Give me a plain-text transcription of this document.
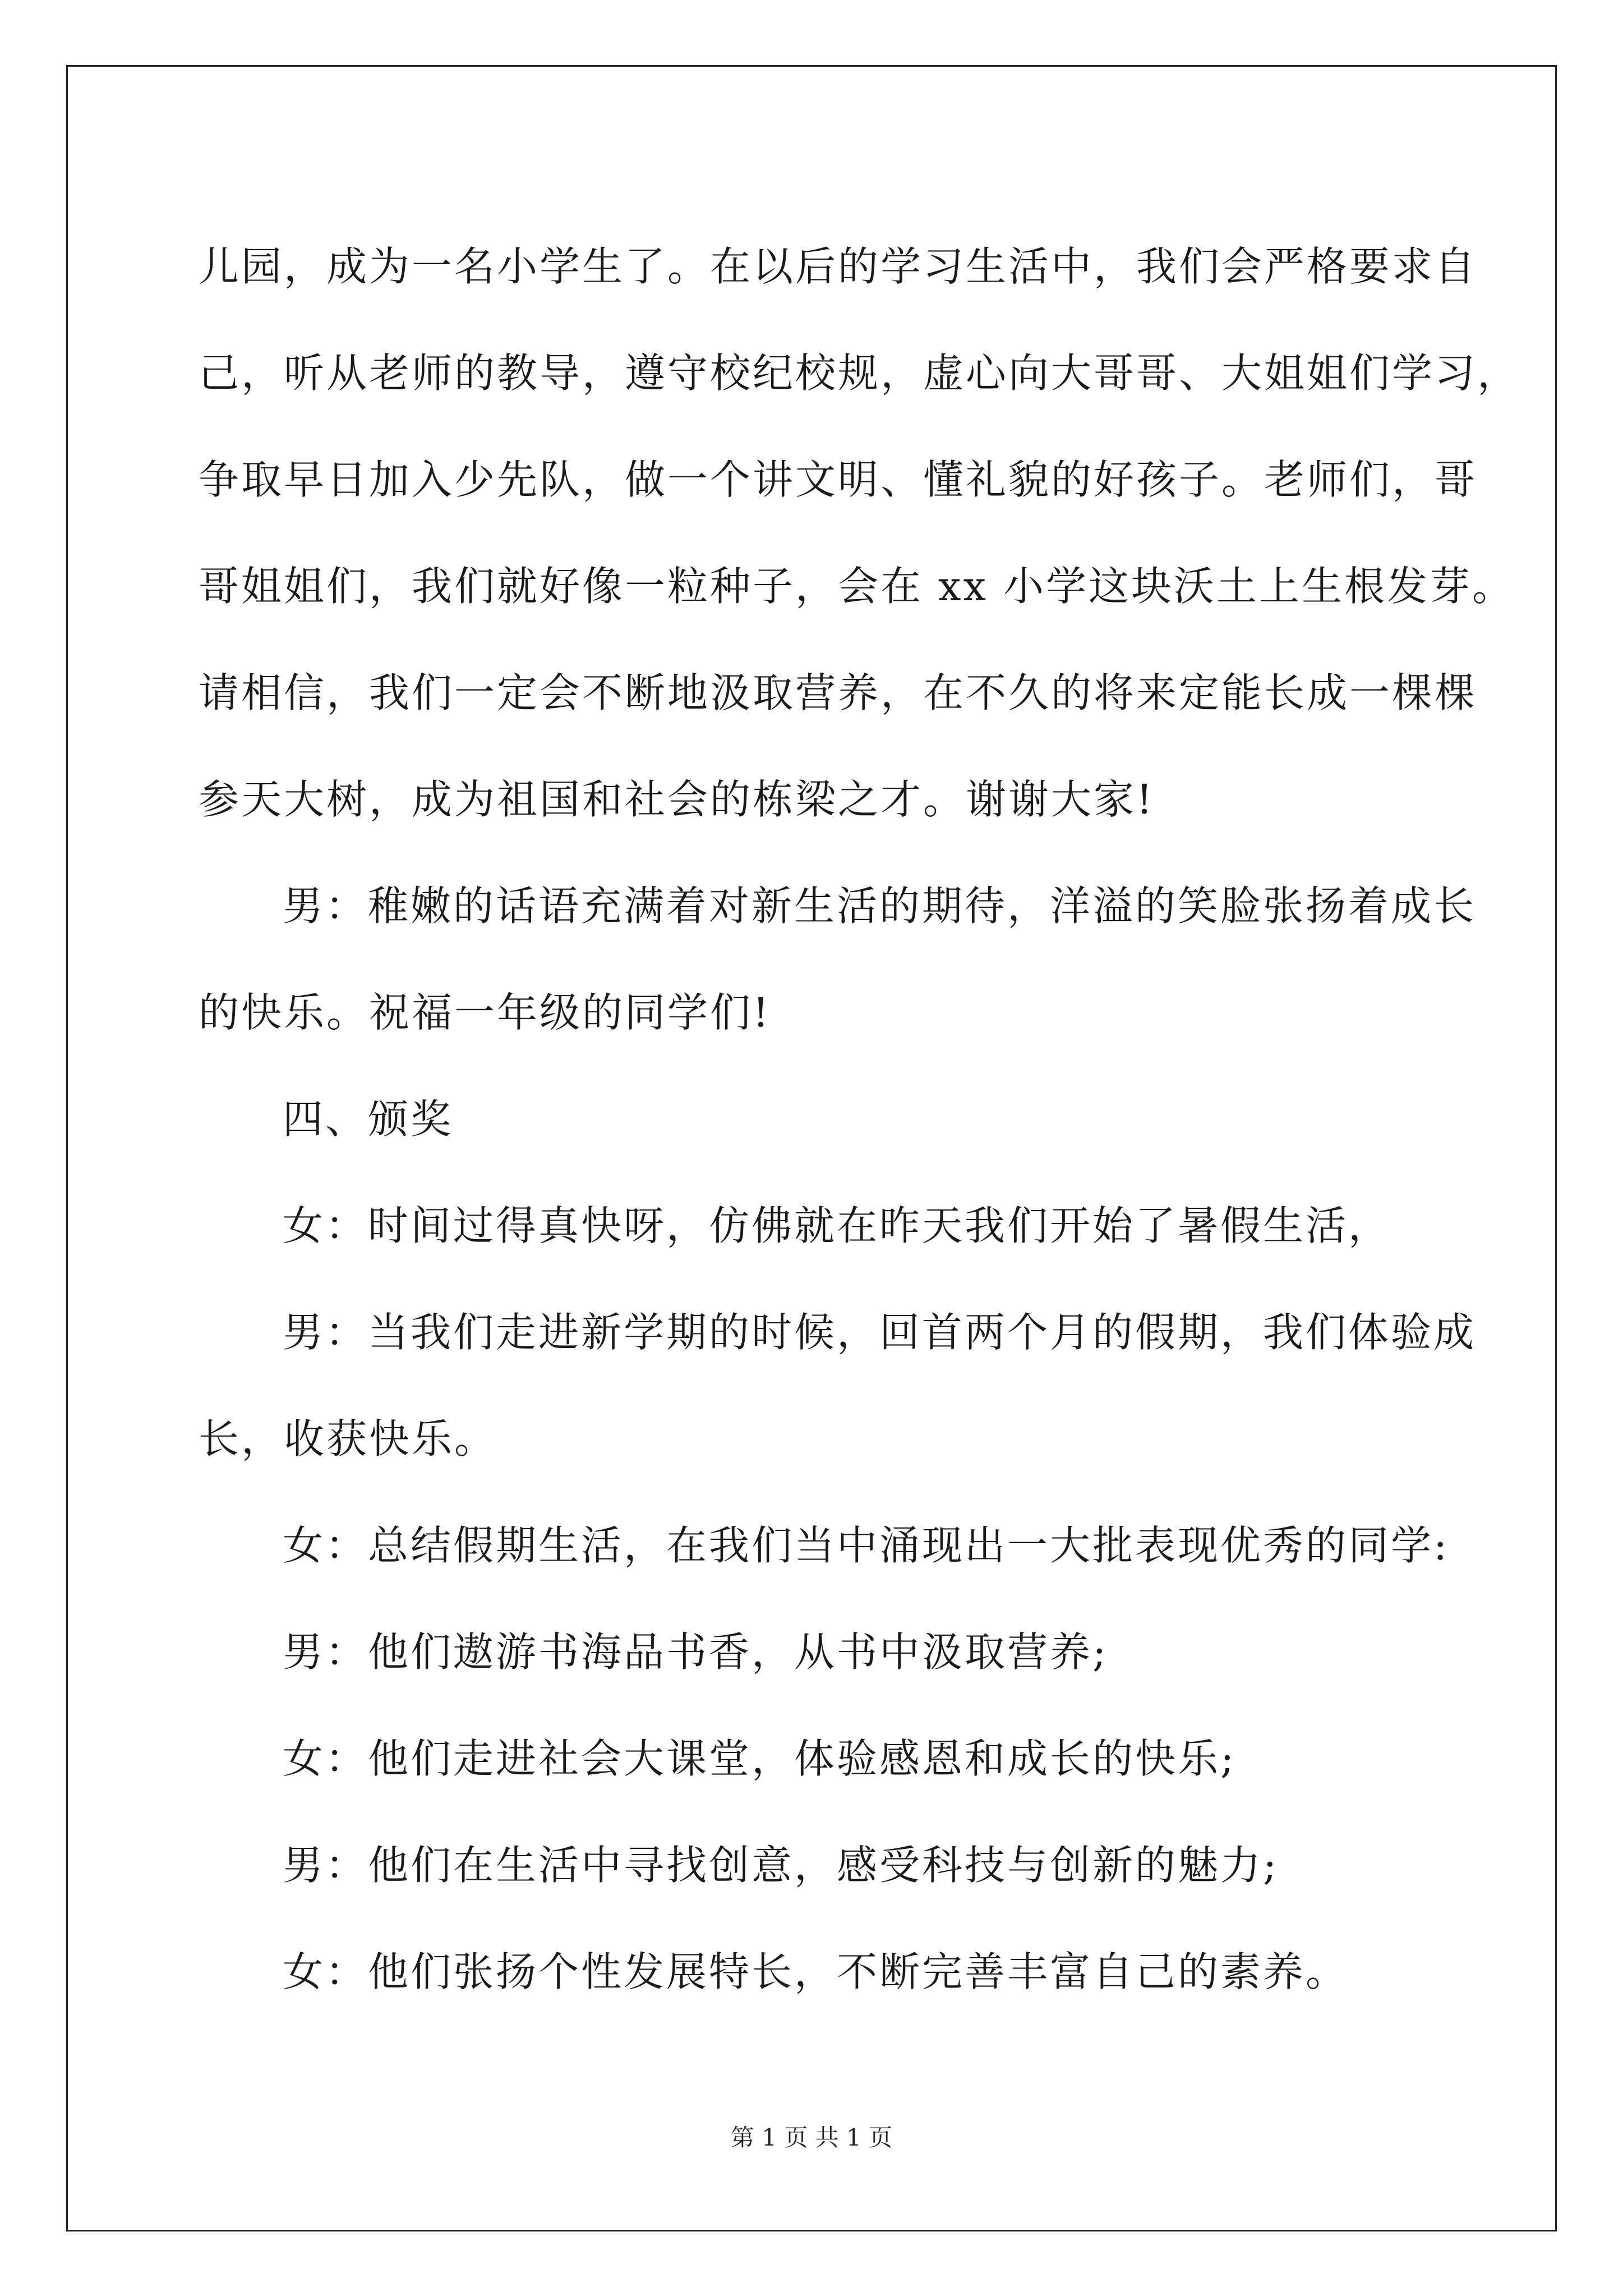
儿园，成为一名小学生了。在以后的学习生活中，我们会严格要求自

己，听从老师的教导，遵守校纪校规，虚心向大哥哥、大姐姐们学习，

争取早日加入少先队，做一个讲文明、懂礼貌的好孩子。老师们，哥

哥姐姐们，我们就好像一粒种子，会在 xx 小学这块沃土上生根发芽。

请相信，我们一定会不断地汲取营养，在不久的将来定能长成一棵棵

参天大树，成为祖国和社会的栋梁之才。谢谢大家!

男：稚嫩的话语充满着对新生活的期待，洋溢的笑脸张扬着成长

的快乐。祝福一年级的同学们!

四、颁奖

女：时间过得真快呀，仿佛就在昨天我们开始了暑假生活，

男：当我们走进新学期的时候，回首两个月的假期，我们体验成

长，收获快乐。

女：总结假期生活，在我们当中涌现出一大批表现优秀的同学:

男：他们遨游书海品书香，从书中汲取营养;

女：他们走进社会大课堂，体验感恩和成长的快乐;

男：他们在生活中寻找创意，感受科技与创新的魅力;

女：他们张扬个性发展特长，不断完善丰富自己的素养。

第 1 页 共 1 页
